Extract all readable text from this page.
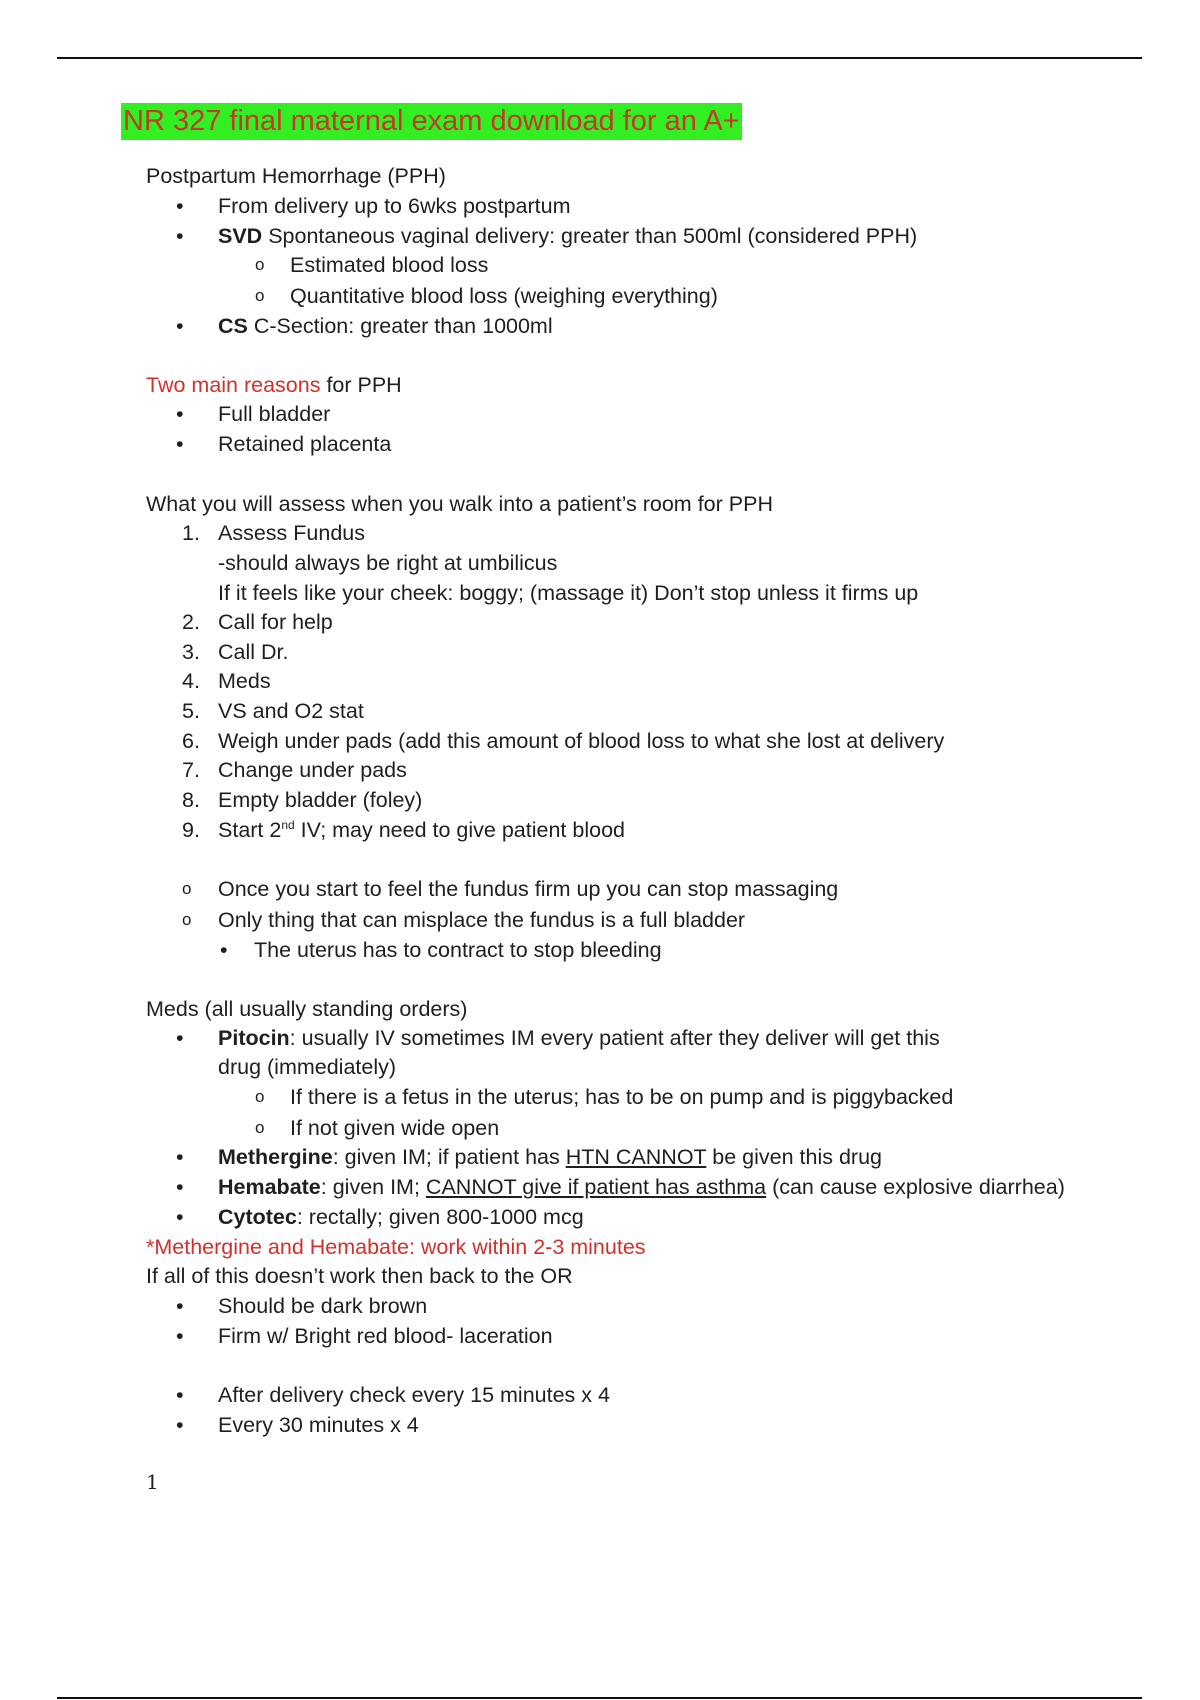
NR 327 final maternal exam download for an A+
Postpartum Hemorrhage (PPH)
• From delivery up to 6wks postpartum
• SVD Spontaneous vaginal delivery: greater than 500ml (considered PPH)
o Estimated blood loss
o Quantitative blood loss (weighing everything)
• CS C-Section: greater than 1000ml
Two main reasons for PPH
• Full bladder
• Retained placenta
What you will assess when you walk into a patient’s room for PPH
1. Assess Fundus
-should always be right at umbilicus
If it feels like your cheek: boggy; (massage it) Don’t stop unless it firms up
2. Call for help
3. Call Dr.
4. Meds
5. VS and O2 stat
6. Weigh under pads (add this amount of blood loss to what she lost at delivery
7. Change under pads
8. Empty bladder (foley)
9. Start 2nd IV; may need to give patient blood
o Once you start to feel the fundus firm up you can stop massaging
o Only thing that can misplace the fundus is a full bladder
• The uterus has to contract to stop bleeding
Meds (all usually standing orders)
• Pitocin: usually IV sometimes IM every patient after they deliver will get this
drug (immediately)
o If there is a fetus in the uterus; has to be on pump and is piggybacked
o If not given wide open
• Methergine: given IM; if patient has HTN CANNOT be given this drug
• Hemabate: given IM; CANNOT give if patient has asthma (can cause explosive diarrhea)
• Cytotec: rectally; given 800-1000 mcg
*Methergine and Hemabate: work within 2-3 minutes
If all of this doesn’t work then back to the OR
• Should be dark brown
• Firm w/ Bright red blood- laceration
• After delivery check every 15 minutes x 4
• Every 30 minutes x 4
1
